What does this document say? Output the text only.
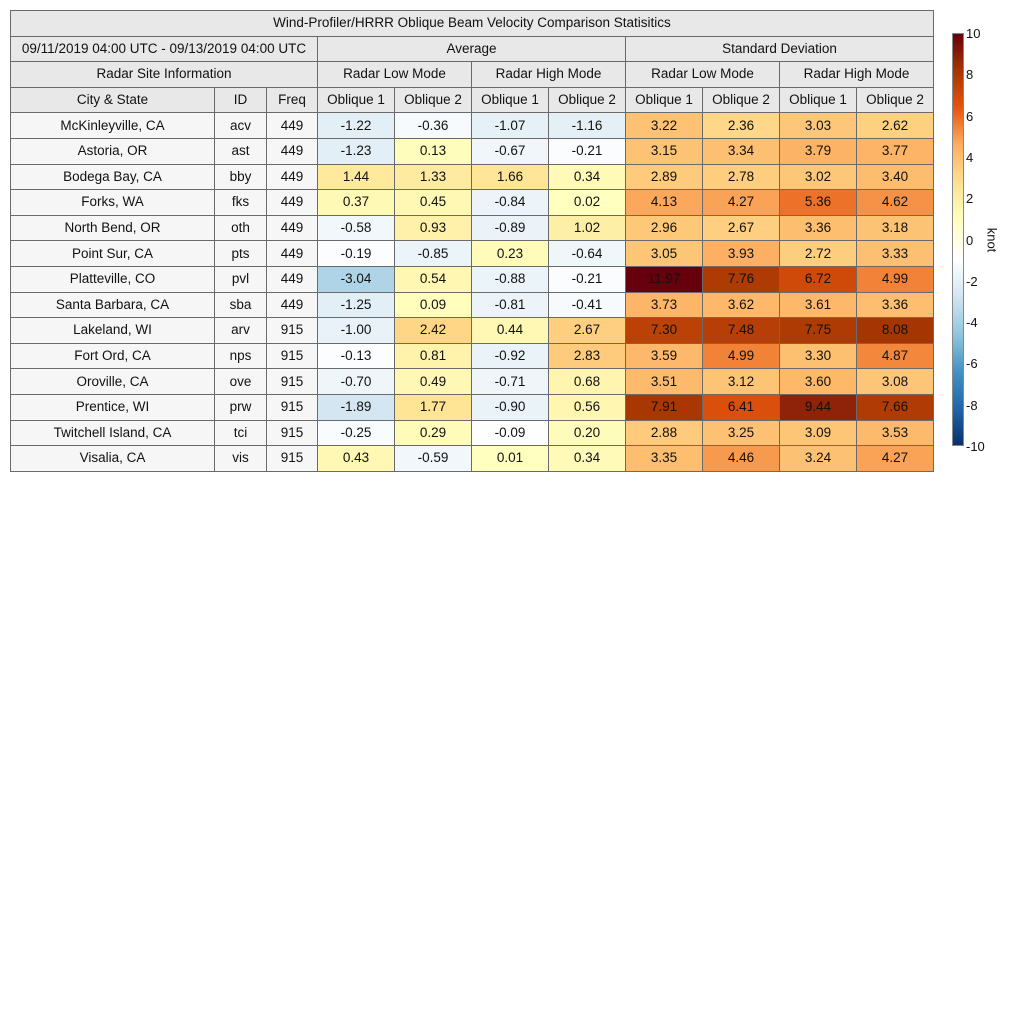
Wind-Profiler/HRRR Oblique Beam Velocity Comparison Statisitics										
09/11/2019 04:00 UTC - 09/13/2019 04:00 UTC			Average				Standard Deviation			
Radar Site Information			Radar Low Mode		Radar High Mode		Radar Low Mode		Radar High Mode	
City & State	ID	Freq	Oblique 1	Oblique 2	Oblique 1	Oblique 2	Oblique 1	Oblique 2	Oblique 1	Oblique 2
McKinleyville, CA	acv	449	-1.22	-0.36	-1.07	-1.16	3.22	2.36	3.03	2.62
Astoria, OR	ast	449	-1.23	0.13	-0.67	-0.21	3.15	3.34	3.79	3.77
Bodega Bay, CA	bby	449	1.44	1.33	1.66	0.34	2.89	2.78	3.02	3.40
Forks, WA	fks	449	0.37	0.45	-0.84	0.02	4.13	4.27	5.36	4.62
North Bend, OR	oth	449	-0.58	0.93	-0.89	1.02	2.96	2.67	3.36	3.18
Point Sur, CA	pts	449	-0.19	-0.85	0.23	-0.64	3.05	3.93	2.72	3.33
Platteville, CO	pvl	449	-3.04	0.54	-0.88	-0.21	11.97	7.76	6.72	4.99
Santa Barbara, CA	sba	449	-1.25	0.09	-0.81	-0.41	3.73	3.62	3.61	3.36
Lakeland, WI	arv	915	-1.00	2.42	0.44	2.67	7.30	7.48	7.75	8.08
Fort Ord, CA	nps	915	-0.13	0.81	-0.92	2.83	3.59	4.99	3.30	4.87
Oroville, CA	ove	915	-0.70	0.49	-0.71	0.68	3.51	3.12	3.60	3.08
Prentice, WI	prw	915	-1.89	1.77	-0.90	0.56	7.91	6.41	9.44	7.66
Twitchell Island, CA	tci	915	-0.25	0.29	-0.09	0.20	2.88	3.25	3.09	3.53
Visalia, CA	vis	915	0.43	-0.59	0.01	0.34	3.35	4.46	3.24	4.27
10
8
6
4
2
0
-2
-4
-6
-8
-10
knot
